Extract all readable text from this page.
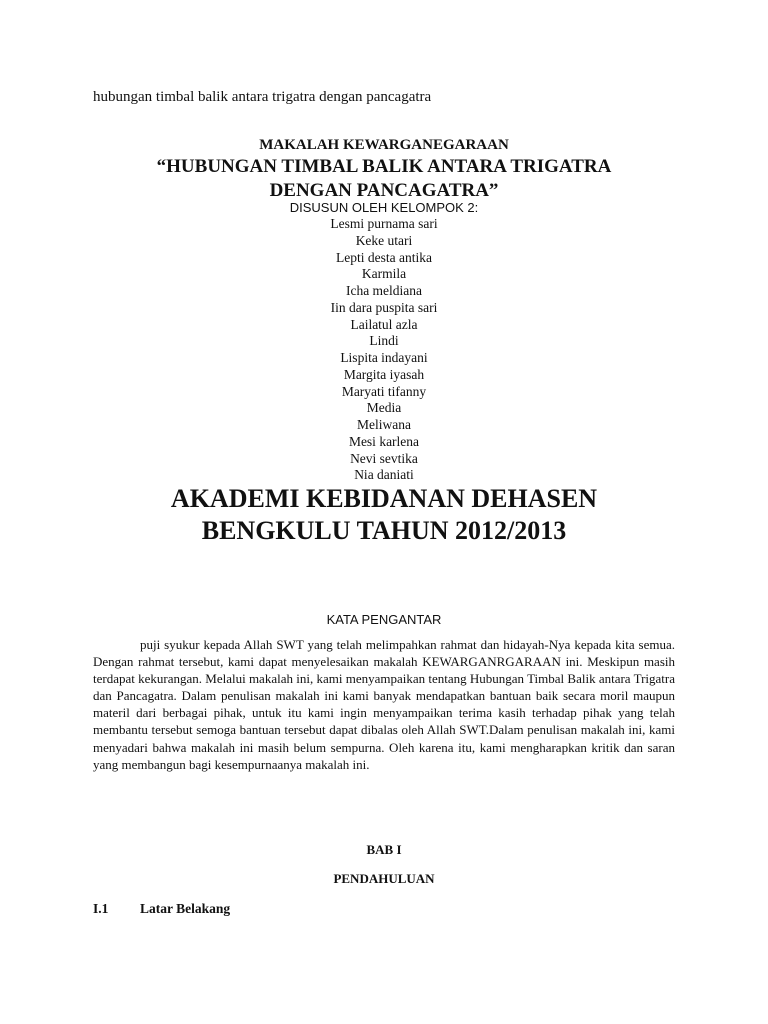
hubungan timbal balik antara trigatra dengan pancagatra
MAKALAH KEWARGANEGARAAN
“HUBUNGAN TIMBAL BALIK ANTARA TRIGATRA
DENGAN PANCAGATRA”
DISUSUN OLEH KELOMPOK 2:
Lesmi purnama sari
Keke utari
Lepti desta antika
Karmila
Icha meldiana
Iin dara puspita sari
Lailatul azla
Lindi
Lispita indayani
Margita iyasah
Maryati tifanny
Media
Meliwana
Mesi karlena
Nevi sevtika
Nia daniati
AKADEMI KEBIDANAN DEHASEN
BENGKULU TAHUN 2012/2013
KATA PENGANTAR
puji syukur kepada Allah SWT yang telah melimpahkan rahmat dan hidayah-Nya kepada kita semua. Dengan rahmat tersebut, kami dapat menyelesaikan makalah KEWARGANRGARAAN ini. Meskipun masih terdapat kekurangan. Melalui makalah ini, kami menyampaikan tentang Hubungan Timbal Balik antara Trigatra dan Pancagatra. Dalam penulisan makalah ini kami banyak mendapatkan bantuan baik secara moril maupun materil dari berbagai pihak, untuk itu kami ingin menyampaikan terima kasih terhadap pihak yang telah membantu tersebut semoga bantuan tersebut dapat dibalas oleh Allah SWT.Dalam penulisan makalah ini, kami menyadari bahwa makalah ini masih belum sempurna. Oleh karena itu, kami mengharapkan kritik dan saran yang membangun bagi kesempurnaanya makalah ini.
BAB I
PENDAHULUAN
I.1 Latar Belakang
